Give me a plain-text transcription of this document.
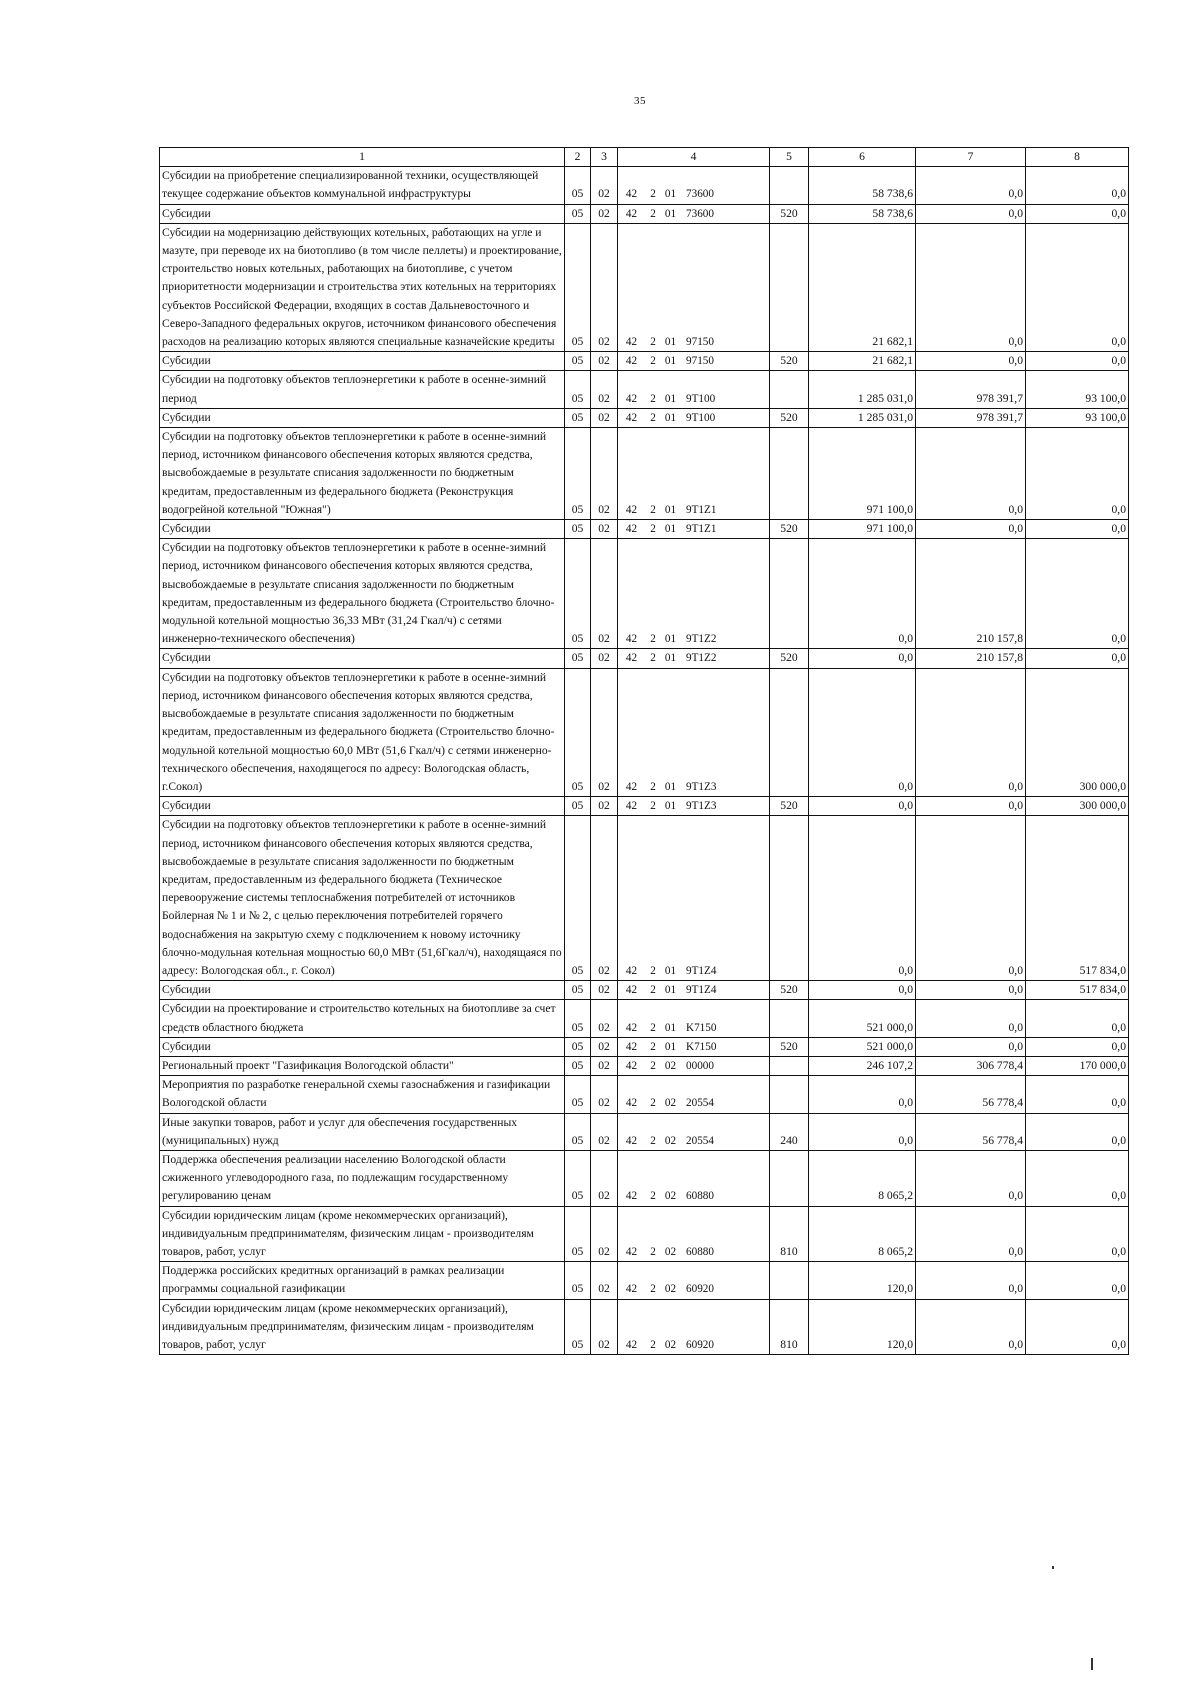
35
1	2	3	4	5	6	7	8
Субсидии на приобретение специализированной техники, осуществляющей текущее содержание объектов коммунальной инфраструктуры	05	02	42 2 01 73600		58 738,6	0,0	0,0
Субсидии	05	02	42 2 01 73600	520	58 738,6	0,0	0,0
Субсидии на модернизацию действующих котельных, работающих на угле и мазуте, при переводе их на биотопливо (в том числе пеллеты) и проектирование, строительство новых котельных, работающих на биотопливе, с учетом приоритетности модернизации и строительства этих котельных на территориях субъектов Российской Федерации, входящих в состав Дальневосточного и Северо-Западного федеральных округов, источником финансового обеспечения расходов на реализацию которых являются специальные казначейские кредиты	05	02	42 2 01 97150		21 682,1	0,0	0,0
Субсидии	05	02	42 2 01 97150	520	21 682,1	0,0	0,0
Субсидии на подготовку объектов теплоэнергетики к работе в осенне-зимний период	05	02	42 2 01 9Т100		1 285 031,0	978 391,7	93 100,0
Субсидии	05	02	42 2 01 9Т100	520	1 285 031,0	978 391,7	93 100,0
Субсидии на подготовку объектов теплоэнергетики к работе в осенне-зимний период, источником финансового обеспечения которых являются средства, высвобождаемые в результате списания задолженности по бюджетным кредитам, предоставленным из федерального бюджета (Реконструкция водогрейной котельной "Южная")	05	02	42 2 01 9Т1Z1		971 100,0	0,0	0,0
Субсидии	05	02	42 2 01 9Т1Z1	520	971 100,0	0,0	0,0
Субсидии на подготовку объектов теплоэнергетики к работе в осенне-зимний период, источником финансового обеспечения которых являются средства, высвобождаемые в результате списания задолженности по бюджетным кредитам, предоставленным из федерального бюджета (Строительство блочно-модульной котельной мощностью 36,33 МВт (31,24 Гкал/ч) с сетями инженерно-технического обеспечения)	05	02	42 2 01 9Т1Z2		0,0	210 157,8	0,0
Субсидии	05	02	42 2 01 9Т1Z2	520	0,0	210 157,8	0,0
Субсидии на подготовку объектов теплоэнергетики к работе в осенне-зимний период, источником финансового обеспечения которых являются средства, высвобождаемые в результате списания задолженности по бюджетным кредитам, предоставленным из федерального бюджета (Строительство блочно-модульной котельной мощностью 60,0 МВт (51,6 Гкал/ч) с сетями инженерно-технического обеспечения, находящегося по адресу: Вологодская область, г.Сокол)	05	02	42 2 01 9Т1Z3		0,0	0,0	300 000,0
Субсидии	05	02	42 2 01 9Т1Z3	520	0,0	0,0	300 000,0
Субсидии на подготовку объектов теплоэнергетики к работе в осенне-зимний период, источником финансового обеспечения которых являются средства, высвобождаемые в результате списания задолженности по бюджетным кредитам, предоставленным из федерального бюджета (Техническое перевооружение системы теплоснабжения потребителей от источников Бойлерная № 1 и № 2, с целью переключения потребителей горячего водоснабжения на закрытую схему с подключением к новому источнику блочно-модульная котельная мощностью 60,0 МВт (51,6Гкал/ч), находящаяся по адресу: Вологодская обл., г. Сокол)	05	02	42 2 01 9Т1Z4		0,0	0,0	517 834,0
Субсидии	05	02	42 2 01 9Т1Z4	520	0,0	0,0	517 834,0
Субсидии на проектирование и строительство котельных на биотопливе за счет средств областного бюджета	05	02	42 2 01 K7150		521 000,0	0,0	0,0
Субсидии	05	02	42 2 01 K7150	520	521 000,0	0,0	0,0
Региональный проект "Газификация Вологодской области"	05	02	42 2 02 00000		246 107,2	306 778,4	170 000,0
Мероприятия по разработке генеральной схемы газоснабжения и газификации Вологодской области	05	02	42 2 02 20554		0,0	56 778,4	0,0
Иные закупки товаров, работ и услуг для обеспечения государственных (муниципальных) нужд	05	02	42 2 02 20554	240	0,0	56 778,4	0,0
Поддержка обеспечения реализации населению Вологодской области сжиженного углеводородного газа, по подлежащим государственному регулированию ценам	05	02	42 2 02 60880		8 065,2	0,0	0,0
Субсидии юридическим лицам (кроме некоммерческих организаций), индивидуальным предпринимателям, физическим лицам - производителям товаров, работ, услуг	05	02	42 2 02 60880	810	8 065,2	0,0	0,0
Поддержка российских кредитных организаций в рамках реализации программы социальной газификации	05	02	42 2 02 60920		120,0	0,0	0,0
Субсидии юридическим лицам (кроме некоммерческих организаций), индивидуальным предпринимателям, физическим лицам - производителям товаров, работ, услуг	05	02	42 2 02 60920	810	120,0	0,0	0,0
